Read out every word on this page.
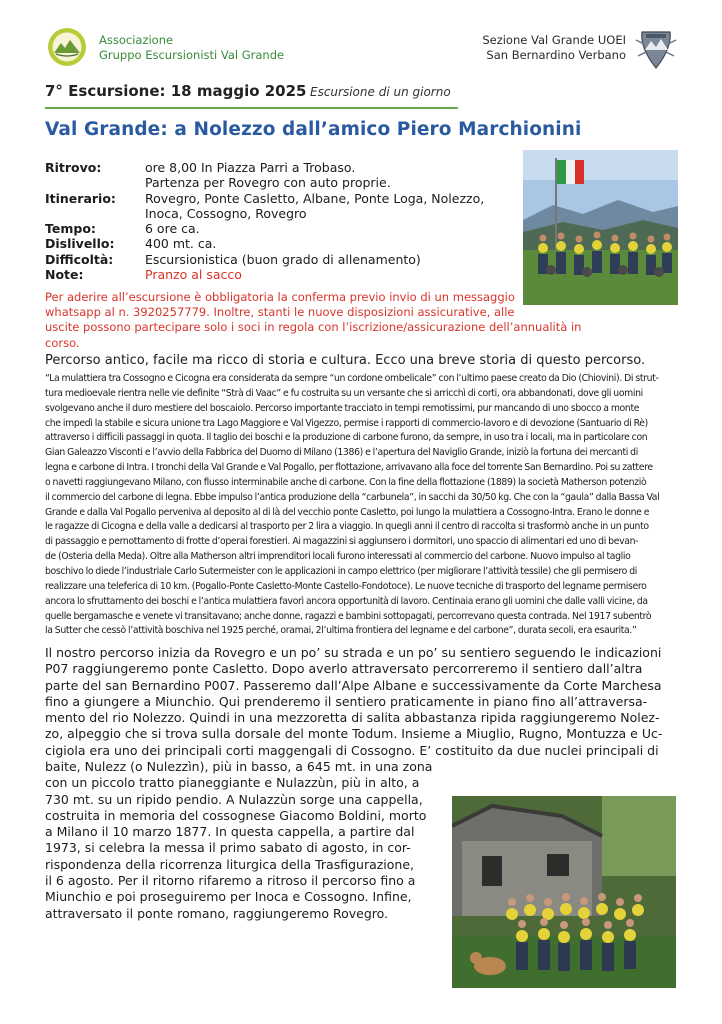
Associazione
Gruppo Escursionisti Val Grande
Sezione Val Grande UOEI
San Bernardino Verbano
7° Escursione: 18 maggio 2025 Escursione di un giorno
Val Grande: a Nolezzo dall’amico Piero Marchionini
Ritrovo:	ore 8,00 In Piazza Parri a Trobaso.
Partenza per Rovegro con auto proprie.
Itinerario:	Rovegro, Ponte Casletto, Albane, Ponte Loga, Nolezzo,
Inoca, Cossogno, Rovegro
Tempo:	6 ore ca.
Dislivello:	400 mt. ca.
Difficoltà:	Escursionistica (buon grado di allenamento)
Note:	Pranzo al sacco
Per aderire all’escursione è obbligatoria la conferma previo invio di un messaggio
whatsapp al n. 3920257779. Inoltre, stanti le nuove disposizioni assicurative, alle
uscite possono partecipare solo i soci in regola con l’iscrizione/assicurazione dell’annualità in corso.
Percorso antico, facile ma ricco di storia e cultura. Ecco una breve storia di questo percorso.
“La mulattiera tra Cossogno e Cicogna era considerata da sempre “un cordone ombelicale” con l’ultimo paese creato da Dio (Chiovini). Di strut-
tura medioevale rientra nelle vie definite “Strà di Vaac” e fu costruita su un versante che si arricchì di corti, ora abbandonati, dove gli uomini
svolgevano anche il duro mestiere del boscaiolo. Percorso importante tracciato in tempi remotissimi, pur mancando di uno sbocco a monte
che impedì la stabile e sicura unione tra Lago Maggiore e Val Vigezzo, permise i rapporti di commercio-lavoro e di devozione (Santuario di Rè)
attraverso i difficili passaggi in quota. Il taglio dei boschi e la produzione di carbone furono, da sempre, in uso tra i locali, ma in particolare con
Gian Galeazzo Visconti e l’avvio della Fabbrica del Duomo di Milano (1386) e l’apertura del Naviglio Grande, iniziò la fortuna dei mercanti di
legna e carbone di Intra. I tronchi della Val Grande e Val Pogallo, per flottazione, arrivavano alla foce del torrente San Bernardino. Poi su zattere
o navetti raggiungevano Milano, con flusso interminabile anche di carbone. Con la fine della flottazione (1889) la società Matherson potenziò
il commercio del carbone di legna. Ebbe impulso l’antica produzione della “carbunela”, in sacchi da 30/50 kg. Che con la “gaula” dalla Bassa Val
Grande e dalla Val Pogallo perveniva al deposito al di là del vecchio ponte Casletto, poi lungo la mulattiera a Cossogno-Intra. Erano le donne e
le ragazze di Cicogna e della valle a dedicarsi al trasporto per 2 lira a viaggio. In quegli anni il centro di raccolta si trasformò anche in un punto
di passaggio e pernottamento di frotte d’operai forestieri. Ai magazzini si aggiunsero i dormitori, uno spaccio di alimentari ed uno di bevan-
de (Osteria della Meda). Oltre alla Matherson altri imprenditori locali furono interessati al commercio del carbone. Nuovo impulso al taglio
boschivo lo diede l’industriale Carlo Sutermeister con le applicazioni in campo elettrico (per migliorare l’attività tessile) che gli permisero di
realizzare una teleferica di 10 km. (Pogallo-Ponte Casletto-Monte Castello-Fondotoce). Le nuove tecniche di trasporto del legname permisero
ancora lo sfruttamento dei boschi e l’antica mulattiera favorì ancora opportunità di lavoro. Centinaia erano gli uomini che dalle valli vicine, da
quelle bergamasche e venete vi transitavano; anche donne, ragazzi e bambini sottopagati, percorrevano questa contrada. Nel 1917 subentrò
la Sutter che cessò l’attività boschiva nel 1925 perché, oramai, 2l’ultima frontiera del legname e del carbone”, durata secoli, era esaurita.”
Il nostro percorso inizia da Rovegro e un po’ su strada e un po’ su sentiero seguendo le indicazioni
P07 raggiungeremo ponte Casletto. Dopo averlo attraversato percorreremo il sentiero dall’altra
parte del san Bernardino P007. Passeremo dall’Alpe Albane e successivamente da Corte Marchesa
fino a giungere a Miunchio. Qui prenderemo il sentiero praticamente in piano fino all’attraversa-
mento del rio Nolezzo. Quindi in una mezzoretta di salita abbastanza ripida raggiungeremo Nolez-
zo, alpeggio che si trova sulla dorsale del monte Todum. Insieme a Miuglio, Rugno, Montuzza e Uc-
cigiola era uno dei principali corti maggengali di Cossogno. E’ costituito da due nuclei principali di
baite, Nulezz (o Nulezzìn), più in basso, a 645 mt. in una zona
con un piccolo tratto pianeggiante e Nulazzùn, più in alto, a
730 mt. su un ripido pendio. A Nulazzùn sorge una cappella,
costruita in memoria del cossognese Giacomo Boldini, morto
a Milano il 10 marzo 1877. In questa cappella, a partire dal
1973, si celebra la messa il primo sabato di agosto, in cor-
rispondenza della ricorrenza liturgica della Trasfigurazione,
il 6 agosto. Per il ritorno rifaremo a ritroso il percorso fino a
Miunchio e poi proseguiremo per Inoca e Cossogno. Infine,
attraversato il ponte romano, raggiungeremo Rovegro.
